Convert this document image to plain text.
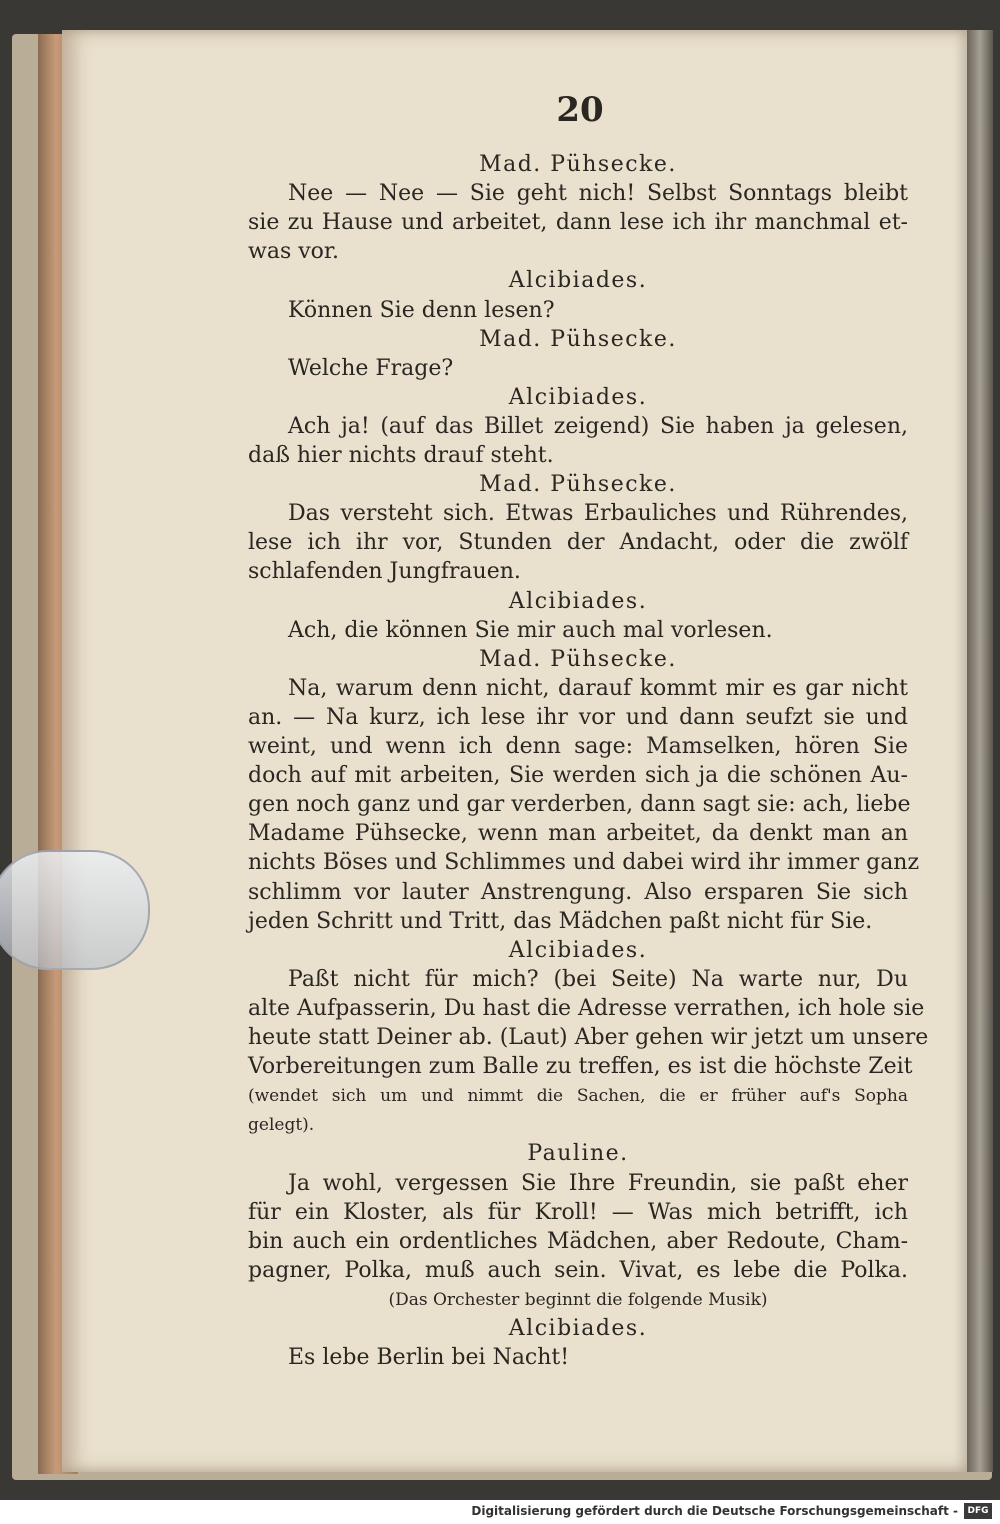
20
Mad. Pühsecke.
Nee — Nee — Sie geht nich! Selbst Sonntags bleibt
sie zu Hause und arbeitet, dann lese ich ihr manchmal et-
was vor.
Alcibiades.
Können Sie denn lesen?
Mad. Pühsecke.
Welche Frage?
Alcibiades.
Ach ja! (auf das Billet zeigend) Sie haben ja gelesen,
daß hier nichts drauf steht.
Mad. Pühsecke.
Das versteht sich. Etwas Erbauliches und Rührendes,
lese ich ihr vor, Stunden der Andacht, oder die zwölf
schlafenden Jungfrauen.
Alcibiades.
Ach, die können Sie mir auch mal vorlesen.
Mad. Pühsecke.
Na, warum denn nicht, darauf kommt mir es gar nicht
an. — Na kurz, ich lese ihr vor und dann seufzt sie und
weint, und wenn ich denn sage: Mamselken, hören Sie
doch auf mit arbeiten, Sie werden sich ja die schönen Au-
gen noch ganz und gar verderben, dann sagt sie: ach, liebe
Madame Pühsecke, wenn man arbeitet, da denkt man an
nichts Böses und Schlimmes und dabei wird ihr immer ganz
schlimm vor lauter Anstrengung. Also ersparen Sie sich
jeden Schritt und Tritt, das Mädchen paßt nicht für Sie.
Alcibiades.
Paßt nicht für mich? (bei Seite) Na warte nur, Du
alte Aufpasserin, Du hast die Adresse verrathen, ich hole sie
heute statt Deiner ab. (Laut) Aber gehen wir jetzt um unsere
Vorbereitungen zum Balle zu treffen, es ist die höchste Zeit
(wendet sich um und nimmt die Sachen, die er früher auf's Sopha
gelegt).
Pauline.
Ja wohl, vergessen Sie Ihre Freundin, sie paßt eher
für ein Kloster, als für Kroll! — Was mich betrifft, ich
bin auch ein ordentliches Mädchen, aber Redoute, Cham-
pagner, Polka, muß auch sein. Vivat, es lebe die Polka.
(Das Orchester beginnt die folgende Musik)
Alcibiades.
Es lebe Berlin bei Nacht!
Digitalisierung gefördert durch die Deutsche Forschungsgemeinschaft -	DFG
